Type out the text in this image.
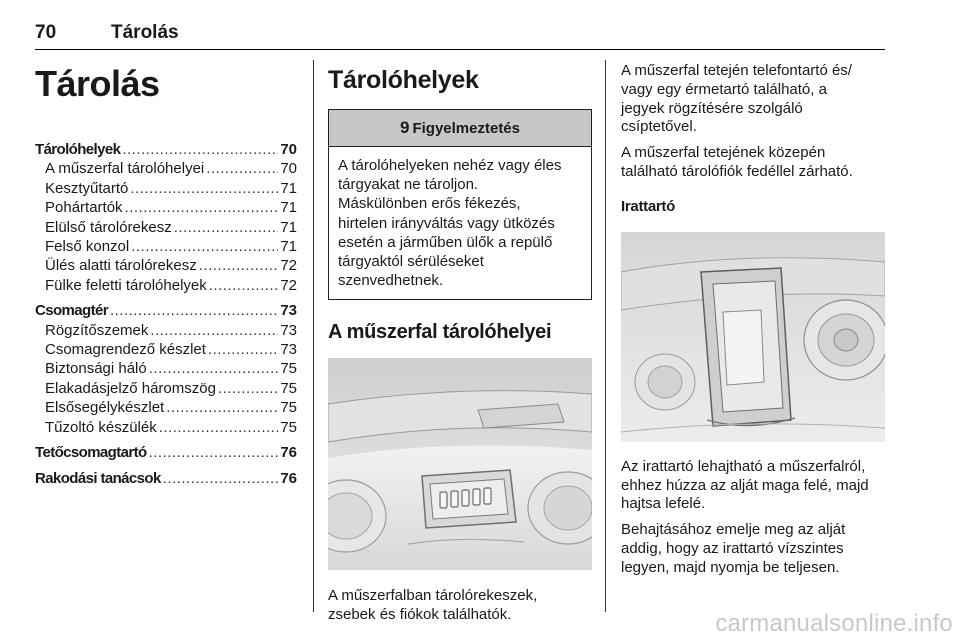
70	Tárolás
Tárolás
Tárolóhelyek .....	70
A műszerfal tárolóhelyei .....	70
Kesztyűtartó .....	71
Pohártartók .....	71
Elülső tárolórekesz .....	71
Felső konzol .....	71
Ülés alatti tárolórekesz .....	72
Fülke feletti tárolóhelyek .....	72
Csomagtér .....	73
Rögzítőszemek .....	73
Csomagrendező készlet .....	73
Biztonsági háló .....	75
Elakadásjelző háromszög .....	75
Elsősegélykészlet .....	75
Tűzoltó készülék .....	75
Tetőcsomagtartó .....	76
Rakodási tanácsok .....	76
Tárolóhelyek
9 Figyelmeztetés
A tárolóhelyeken nehéz vagy éles
tárgyakat ne tároljon.
Máskülönben erős fékezés,
hirtelen irányváltás vagy ütközés
esetén a járműben ülők a repülő
tárgyaktól sérüléseket
szenvedhetnek.
A műszerfal tárolóhelyei
A műszerfalban tárolórekeszek,
zsebek és fiókok találhatók.
A műszerfal tetején telefontartó és/
vagy egy érmetartó található, a
jegyek rögzítésére szolgáló
csíptetővel.
A műszerfal tetejének közepén
található tárolófiók fedéllel zárható.
Irattartó
Az irattartó lehajtható a műszerfalról,
ehhez húzza az alját maga felé, majd
hajtsa lefelé.
Behajtásához emelje meg az alját
addig, hogy az irattartó vízszintes
legyen, majd nyomja be teljesen.
carmanualsonline.info
